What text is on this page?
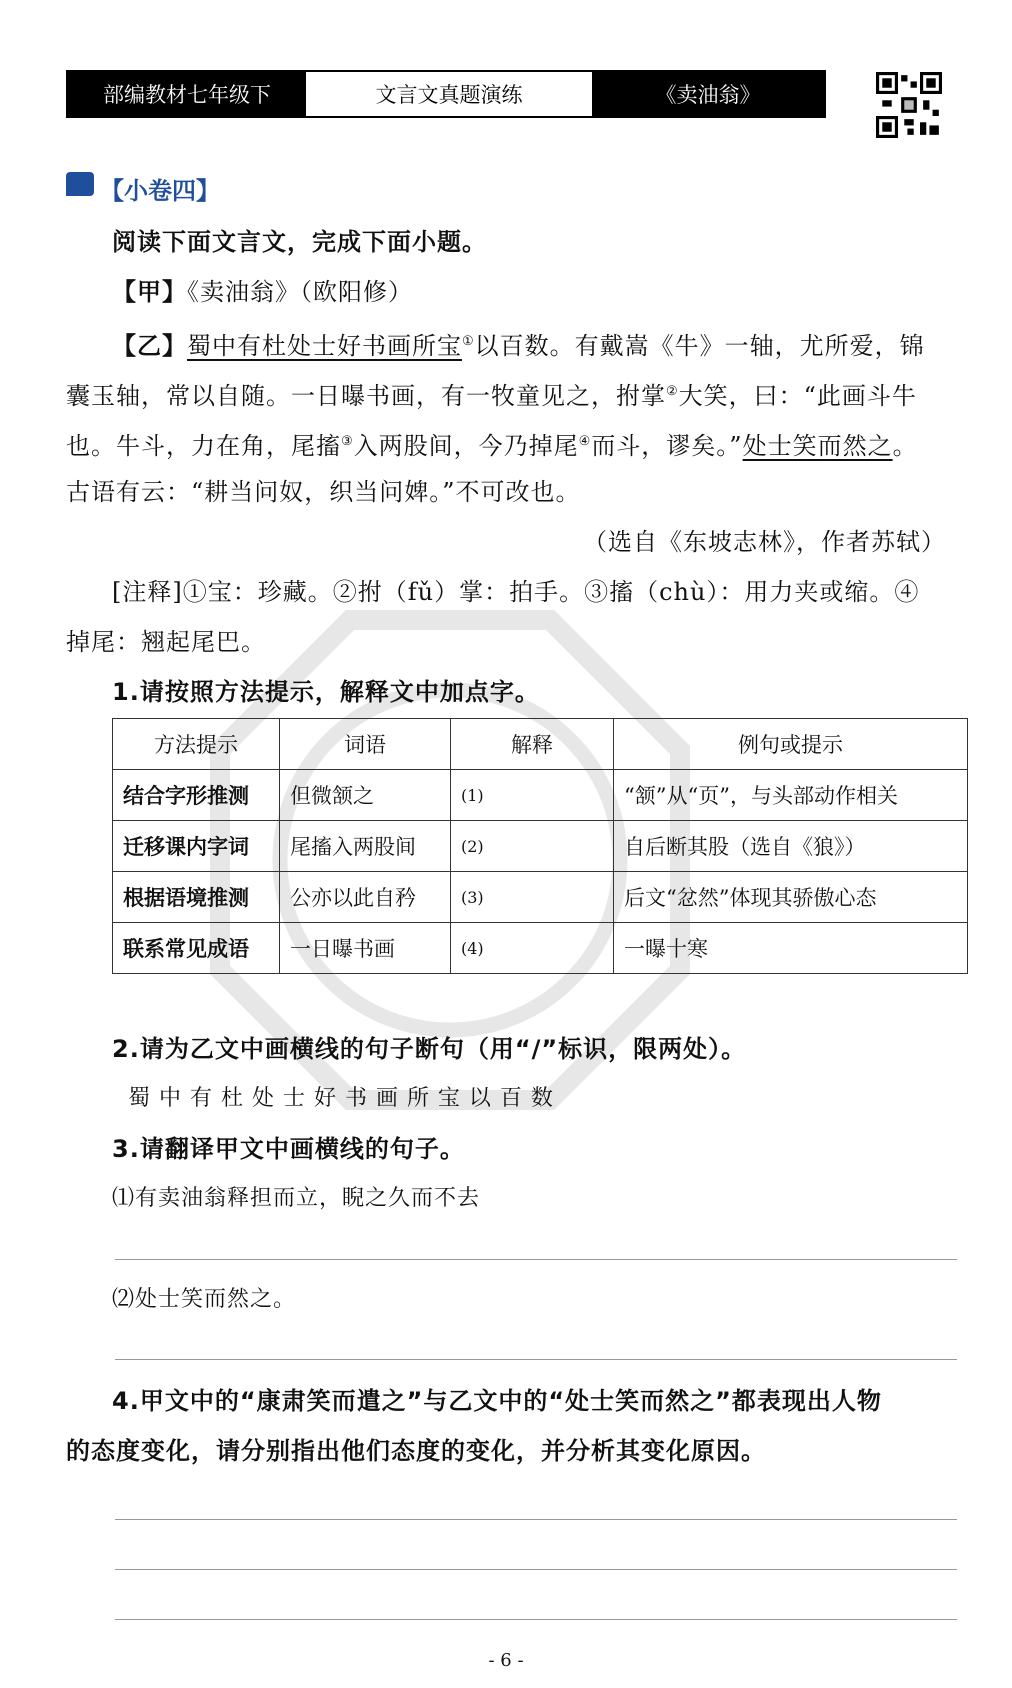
部编教材七年级下	文言文真题演练	《卖油翁》
【小卷四】
阅读下面文言文，完成下面小题。
【甲】《卖油翁》（欧阳修）
【乙】蜀中有杜处士好书画所宝①以百数。有戴嵩《牛》一轴，尤所爱，锦
囊玉轴，常以自随。一日曝书画，有一牧童见之，拊掌②大笑，曰：“此画斗牛
也。牛斗，力在角，尾搐③入两股间，今乃掉尾④而斗，谬矣。”处士笑而然之。
古语有云：“耕当问奴，织当问婢。”不可改也。
（选自《东坡志林》，作者苏轼）
[注释]①宝：珍藏。②拊（fǔ）掌：拍手。③搐（chù）：用力夹或缩。④
掉尾：翘起尾巴。
1.请按照方法提示，解释文中加点字。
方法提示	词语	解释	例句或提示
结合字形推测	但微颔之	(1)	“颔”从“页”，与头部动作相关
迁移课内字词	尾搐入两股间	(2)	自后断其股（选自《狼》）
根据语境推测	公亦以此自矜	(3)	后文“忿然”体现其骄傲心态
联系常见成语	一日曝书画	(4)	一曝十寒
2.请为乙文中画横线的句子断句（用“/”标识，限两处）。
蜀 中 有 杜 处 士 好 书 画 所 宝 以 百 数
3.请翻译甲文中画横线的句子。
⑴有卖油翁释担而立，睨之久而不去
⑵处士笑而然之。
4.甲文中的“康肃笑而遣之”与乙文中的“处士笑而然之”都表现出人物
的态度变化，请分别指出他们态度的变化，并分析其变化原因。
- 6 -
